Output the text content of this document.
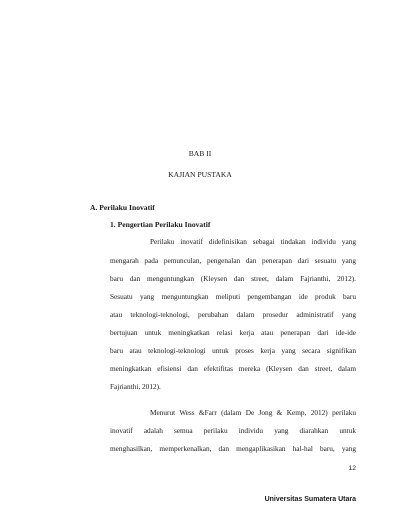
BAB II
KAJIAN PUSTAKA
A. Perilaku Inovatif
1. Pengertian Perilaku Inovatif
Perilaku inovatif didefinisikan sebagai tindakan individu yang
mengarah pada pemunculan, pengenalan dan penerapan dari sesuatu yang
baru dan menguntungkan (Kleysen dan street, dalam Fajrianthi, 2012).
Sesuatu yang menguntungkan meliputi pengembangan ide produk baru
atau teknologi-teknologi, perubahan dalam prosedur administratif yang
bertujuan untuk meningkatkan relasi kerja atau penerapan dari ide-ide
baru atau teknologi-teknologi untuk proses kerja yang secara signifikan
meningkatkan efisiensi dan efektifitas mereka (Kleysen dan street, dalam
Fajrianthi, 2012).
Menurut Wess &Farr (dalam De Jong & Kemp, 2012) perilaku
inovatif adalah semua perilaku individu yang diarahkan untuk
menghasilkan, memperkenalkan, dan mengaplikasikan hal-hal baru, yang
12
Universitas Sumatera Utara
